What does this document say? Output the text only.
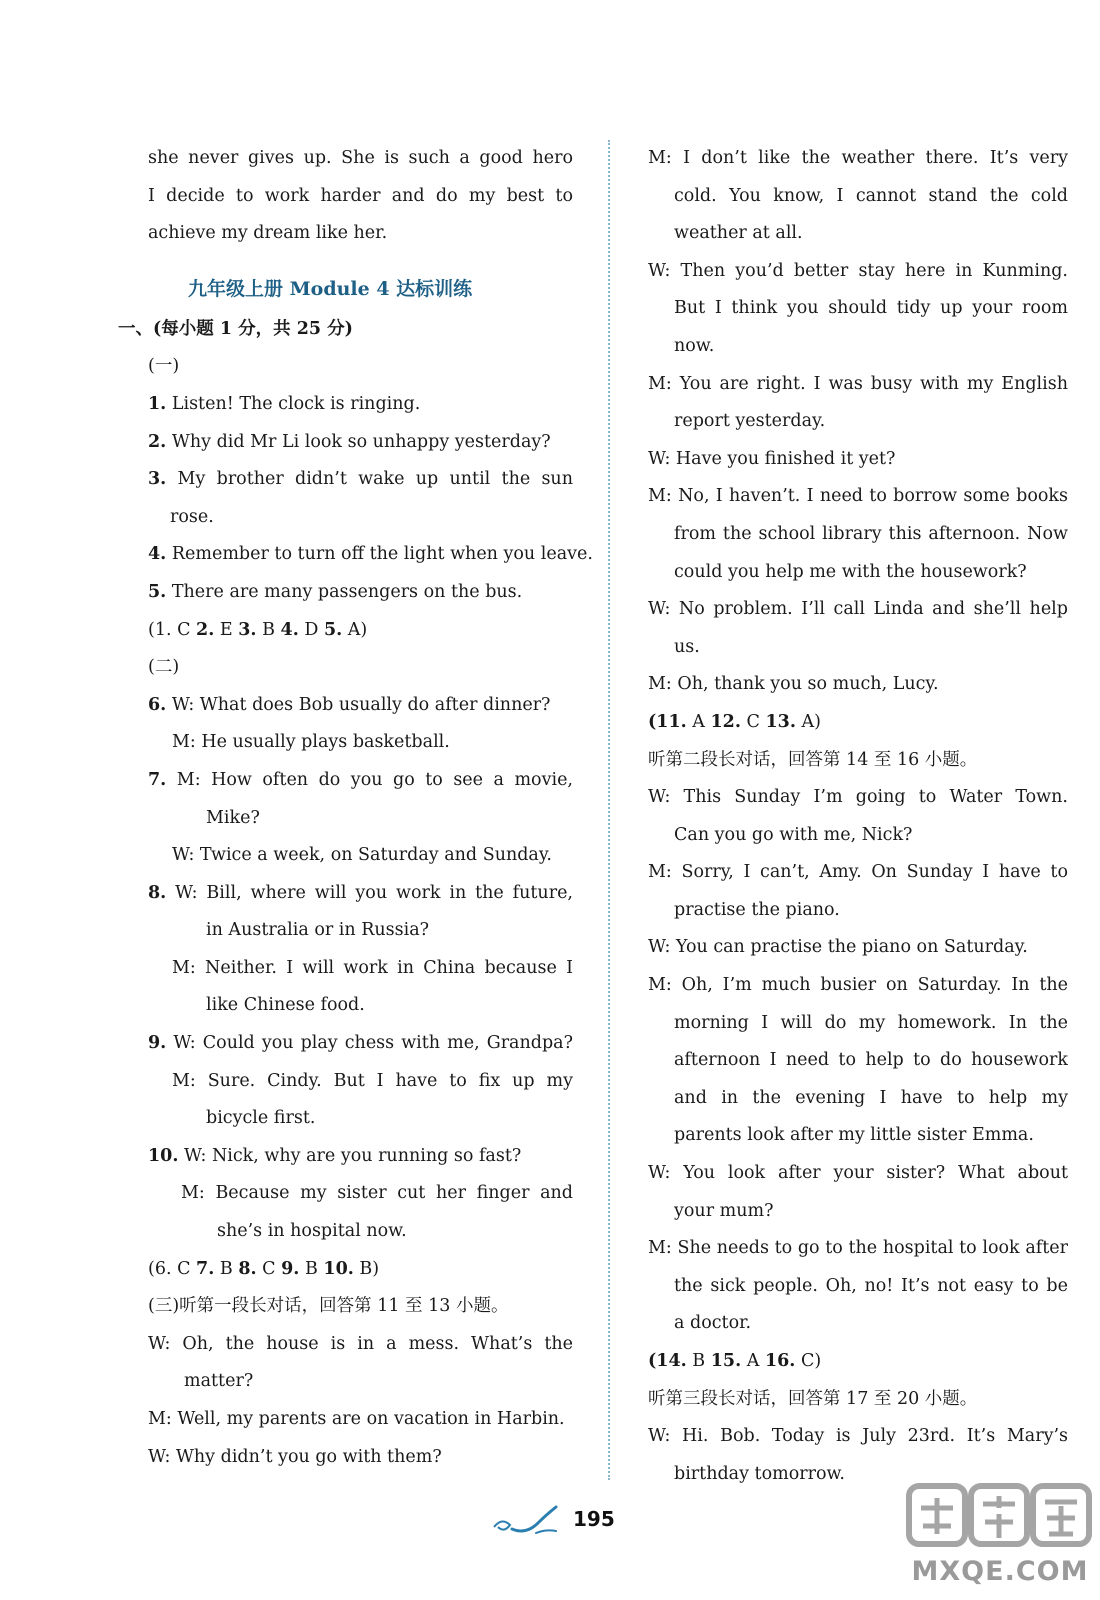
she never gives up. She is such a good hero
I decide to work harder and do my best to
achieve my dream like her.
九年级上册 Module 4 达标训练
一、(每小题 1 分，共 25 分)
(一)
1. Listen! The clock is ringing.
2. Why did Mr Li look so unhappy yesterday?
3. My brother didn’t wake up until the sun
rose.
4. Remember to turn off the light when you leave.
5. There are many passengers on the bus.
(1. C 2. E 3. B 4. D 5. A)
(二)
6. W: What does Bob usually do after dinner?
M: He usually plays basketball.
7. M: How often do you go to see a movie,
Mike?
W: Twice a week, on Saturday and Sunday.
8. W: Bill, where will you work in the future,
in Australia or in Russia?
M: Neither. I will work in China because I
like Chinese food.
9. W: Could you play chess with me, Grandpa?
M: Sure. Cindy. But I have to fix up my
bicycle first.
10. W: Nick, why are you running so fast?
M: Because my sister cut her finger and
she’s in hospital now.
(6. C 7. B 8. C 9. B 10. B)
(三)听第一段长对话，回答第 11 至 13 小题。
W: Oh, the house is in a mess. What’s the
matter?
M: Well, my parents are on vacation in Harbin.
W: Why didn’t you go with them?
M: I don’t like the weather there. It’s very
cold. You know, I cannot stand the cold
weather at all.
W: Then you’d better stay here in Kunming.
But I think you should tidy up your room
now.
M: You are right. I was busy with my English
report yesterday.
W: Have you finished it yet?
M: No, I haven’t. I need to borrow some books
from the school library this afternoon. Now
could you help me with the housework?
W: No problem. I’ll call Linda and she’ll help
us.
M: Oh, thank you so much, Lucy.
(11. A 12. C 13. A)
听第二段长对话，回答第 14 至 16 小题。
W: This Sunday I’m going to Water Town.
Can you go with me, Nick?
M: Sorry, I can’t, Amy. On Sunday I have to
practise the piano.
W: You can practise the piano on Saturday.
M: Oh, I’m much busier on Saturday. In the
morning I will do my homework. In the
afternoon I need to help to do housework
and in the evening I have to help my
parents look after my little sister Emma.
W: You look after your sister? What about
your mum?
M: She needs to go to the hospital to look after
the sick people. Oh, no! It’s not easy to be
a doctor.
(14. B 15. A 16. C)
听第三段长对话，回答第 17 至 20 小题。
W: Hi. Bob. Today is July 23rd. It’s Mary’s
birthday tomorrow.
195
MXQE.COM
